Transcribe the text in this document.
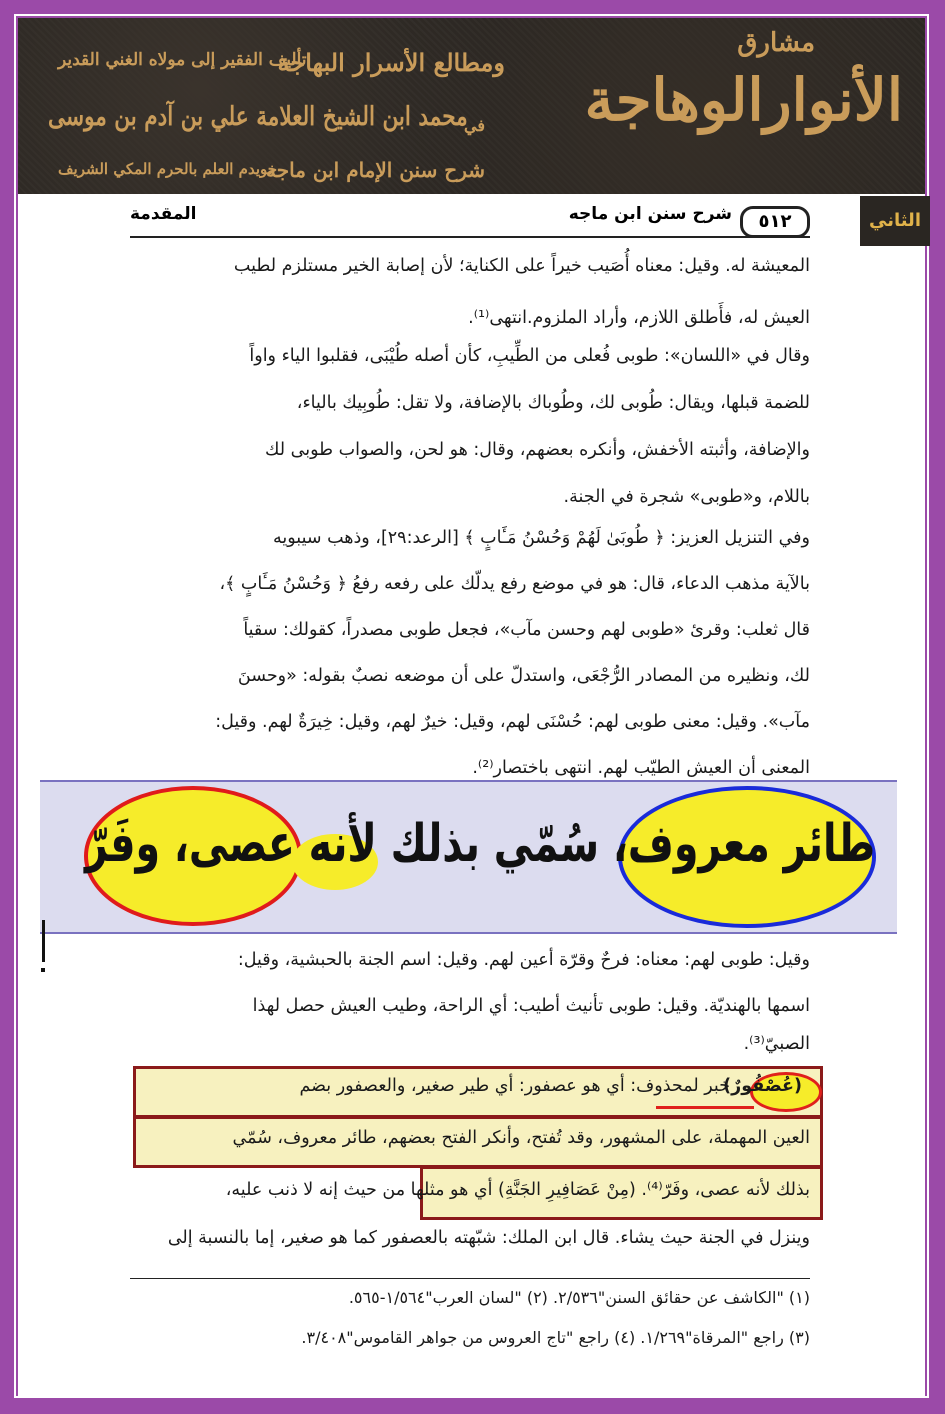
الأنوارالوهاجة
مشارق
ومطالع الأسرار البهاجة
في
شرح سنن الإمام ابن ماجه
تأليف الفقير إلى مولاه الغني القدير
محمد ابن الشيخ العلامة علي بن آدم بن موسى
خويدم العلم بالحرم المكي الشريف
الثاني
٥١٢
شرح سنن ابن ماجه
المقدمة
المعيشة له. وقيل: معناه أُصَيب خيراً على الكناية؛ لأن إصابة الخير مستلزم لطيب
العيش له، فأَطلق اللازم، وأراد الملزوم.انتهى⁽¹⁾.
وقال في «اللسان»: طوبى فُعلى من الطِّيبِ، كأن أصله طُيْبَى، فقلبوا الياء واواً
للضمة قبلها، ويقال: طُوبى لك، وطُوباك بالإضافة، ولا تقل: طُوبِيك بالياء،
والإضافة، وأثبته الأخفش، وأنكره بعضهم، وقال: هو لحن، والصواب طوبى لك
باللام، و«طوبى» شجرة في الجنة.
وفي التنزيل العزيز: ﴿ طُوبَىٰ لَهُمْ وَحُسْنُ مَـَٔابٍ ﴾ [الرعد:٢٩]، وذهب سيبويه
بالآية مذهب الدعاء، قال: هو في موضع رفع يدلّك على رفعه رفعُ ﴿ وَحُسْنُ مَـَٔابٍ ﴾،
قال ثعلب: وقرئ «طوبى لهم وحسن مآب»، فجعل طوبى مصدراً، كقولك: سقياً
لك، ونظيره من المصادر الرُّجْعَى، واستدلّ على أن موضعه نصبٌ بقوله: «وحسنَ
مآب». وقيل: معنى طوبى لهم: حُسْنَى لهم، وقيل: خيرٌ لهم، وقيل: خِيرَةٌ لهم. وقيل:
المعنى أن العيش الطيّب لهم. انتهى باختصار⁽²⁾.
طائر معروف، سُمّي بذلك لأنه عصى، وفَرّ
وقيل: طوبى لهم: معناه: فرحٌ وقرّة أعين لهم. وقيل: اسم الجنة بالحبشية، وقيل:
اسمها بالهنديّة. وقيل: طوبى تأنيث أطيب: أي الراحة، وطيب العيش حصل لهذا
الصبيّ⁽³⁾.
(عُصْفُورٌ)
خبر لمحذوف: أي هو عصفور: أي طير صغير، والعصفور بضم
العين المهملة، على المشهور، وقد تُفتح، وأنكر الفتح بعضهم، طائر معروف، سُمّي
بذلك لأنه عصى، وفَرّ⁽⁴⁾. (مِنْ عَصَافِيرِ الجَنَّةِ) أي هو مثلها من حيث إنه لا ذنب عليه،
وينزل في الجنة حيث يشاء. قال ابن الملك: شبّهته بالعصفور كما هو صغير، إما بالنسبة إلى
(١) "الكاشف عن حقائق السنن"٢/٥٣٦. (٢) "لسان العرب"١/٥٦٤-٥٦٥.
(٣) راجع "المرقاة"١/٢٦٩. (٤) راجع "تاج العروس من جواهر القاموس"٣/٤٠٨.
